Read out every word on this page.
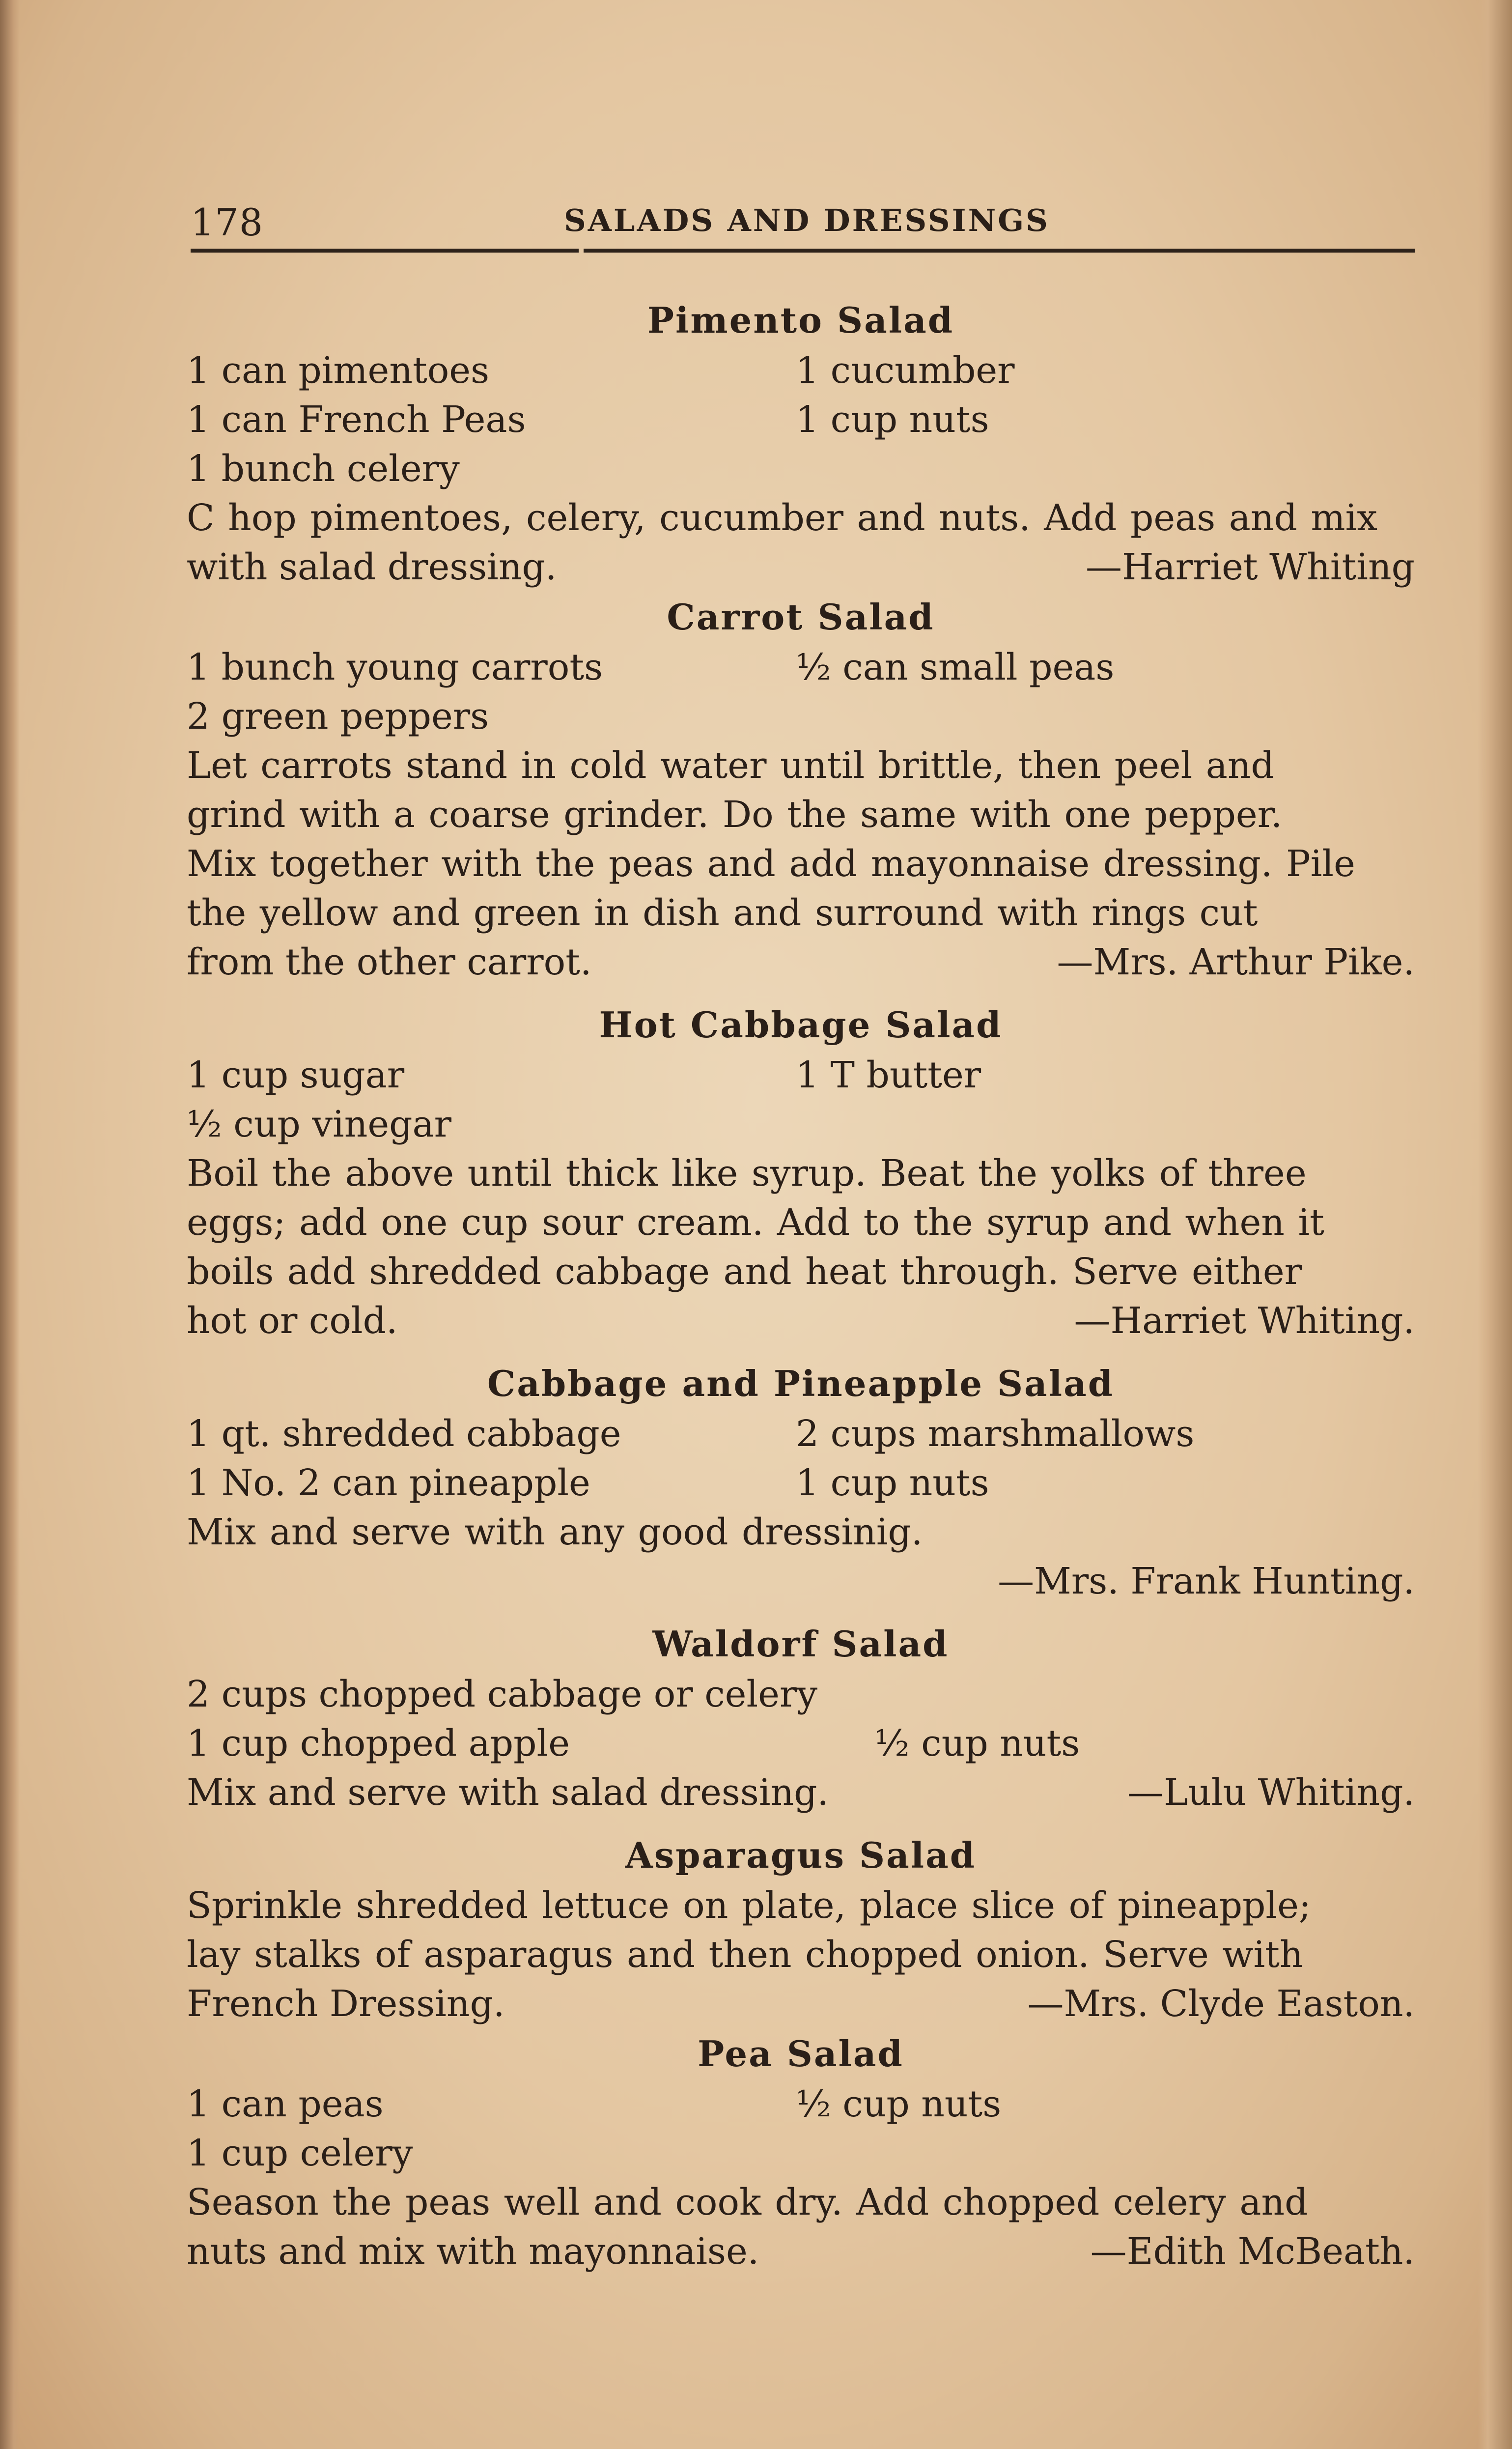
178	SALADS AND DRESSINGS
Pimento Salad
1 can pimentoes	1 cucumber
1 can French Peas	1 cup nuts
1 bunch celery
C hop pimentoes, celery, cucumber and nuts. Add peas and mix
with salad dressing.	—Harriet Whiting
Carrot Salad
1 bunch young carrots	½ can small peas
2 green peppers
Let carrots stand in cold water until brittle, then peel and
grind with a coarse grinder. Do the same with one pepper.
Mix together with the peas and add mayonnaise dressing. Pile
the yellow and green in dish and surround with rings cut
from the other carrot.	—Mrs. Arthur Pike.
Hot Cabbage Salad
1 cup sugar	1 T butter
½ cup vinegar
Boil the above until thick like syrup. Beat the yolks of three
eggs; add one cup sour cream. Add to the syrup and when it
boils add shredded cabbage and heat through. Serve either
hot or cold.	—Harriet Whiting.
Cabbage and Pineapple Salad
1 qt. shredded cabbage	2 cups marshmallows
1 No. 2 can pineapple	1 cup nuts
Mix and serve with any good dressinig.
—Mrs. Frank Hunting.
Waldorf Salad
2 cups chopped cabbage or celery
1 cup chopped apple	½ cup nuts
Mix and serve with salad dressing.	—Lulu Whiting.
Asparagus Salad
Sprinkle shredded lettuce on plate, place slice of pineapple;
lay stalks of asparagus and then chopped onion. Serve with
French Dressing.	—Mrs. Clyde Easton.
Pea Salad
1 can peas	½ cup nuts
1 cup celery
Season the peas well and cook dry. Add chopped celery and
nuts and mix with mayonnaise.	—Edith McBeath.
